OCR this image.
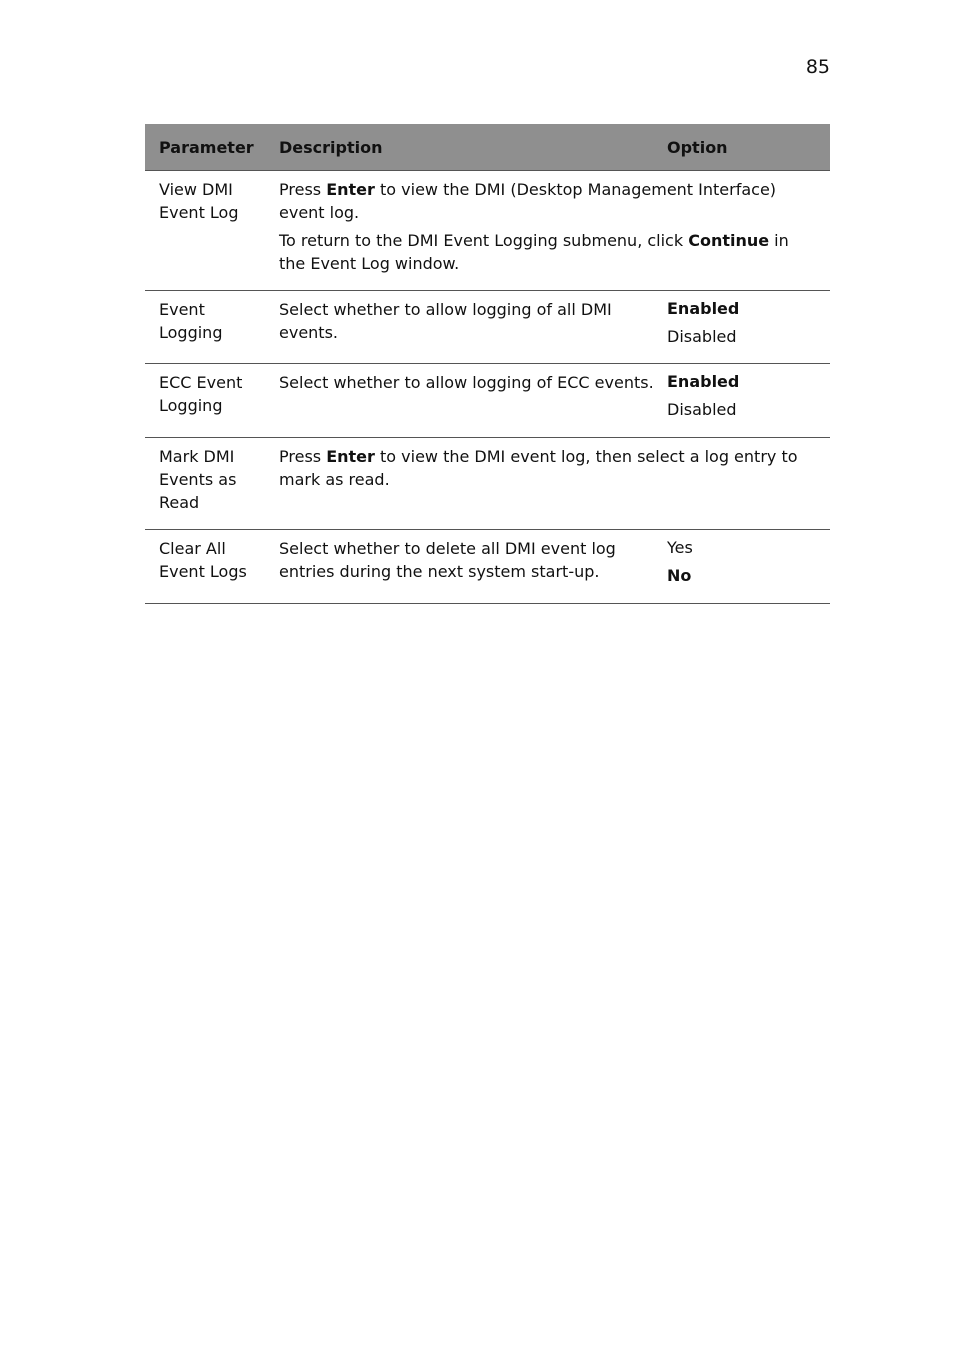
85
Parameter	Description	Option
View DMI
Event Log
Press Enter to view the DMI (Desktop Management Interface) event log.
To return to the DMI Event Logging submenu, click Continue in the Event Log window.
Event
Logging
Select whether to allow logging of all DMI events.
Enabled
Disabled
ECC Event
Logging
Select whether to allow logging of ECC events. Enabled
Disabled
Mark DMI
Events as
Read
Press Enter to view the DMI event log, then select a log entry to mark as read.
Clear All
Event Logs
Select whether to delete all DMI event log entries during the next system start-up.
Yes
No
